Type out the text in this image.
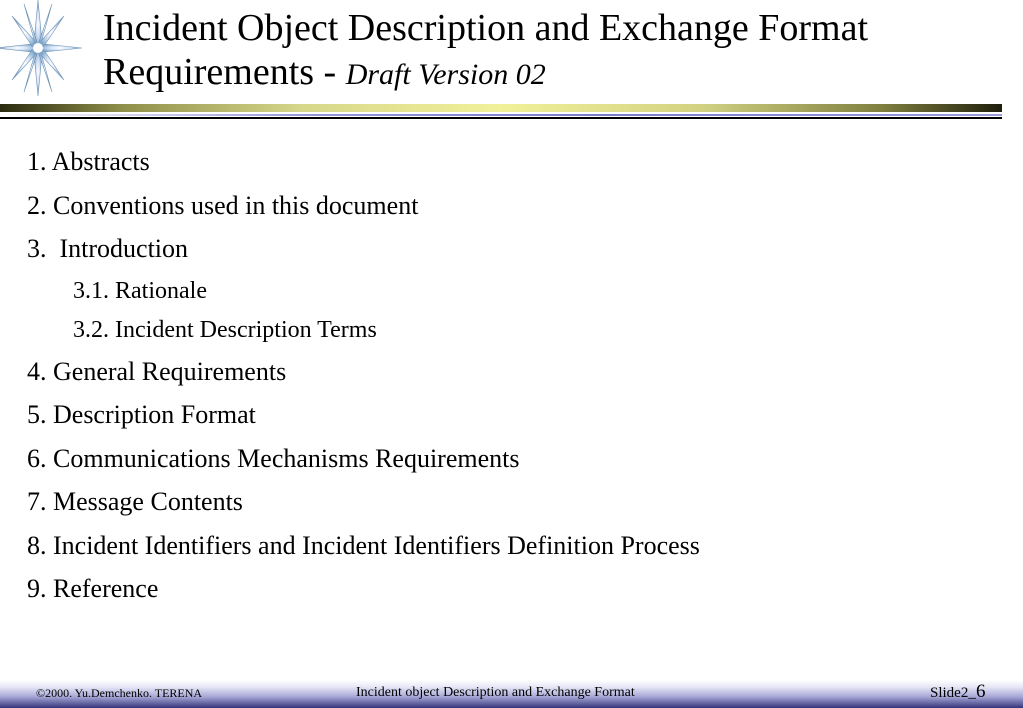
Incident Object Description and Exchange Format
Requirements - Draft Version 02
1. Abstracts
2. Conventions used in this document
3.  Introduction
3.1. Rationale
3.2. Incident Description Terms
4. General Requirements
5. Description Format
6. Communications Mechanisms Requirements
7. Message Contents
8. Incident Identifiers and Incident Identifiers Definition Process
9. Reference
©2000. Yu.Demchenko. TERENA	Incident object Description and Exchange Format	Slide2_ 6
